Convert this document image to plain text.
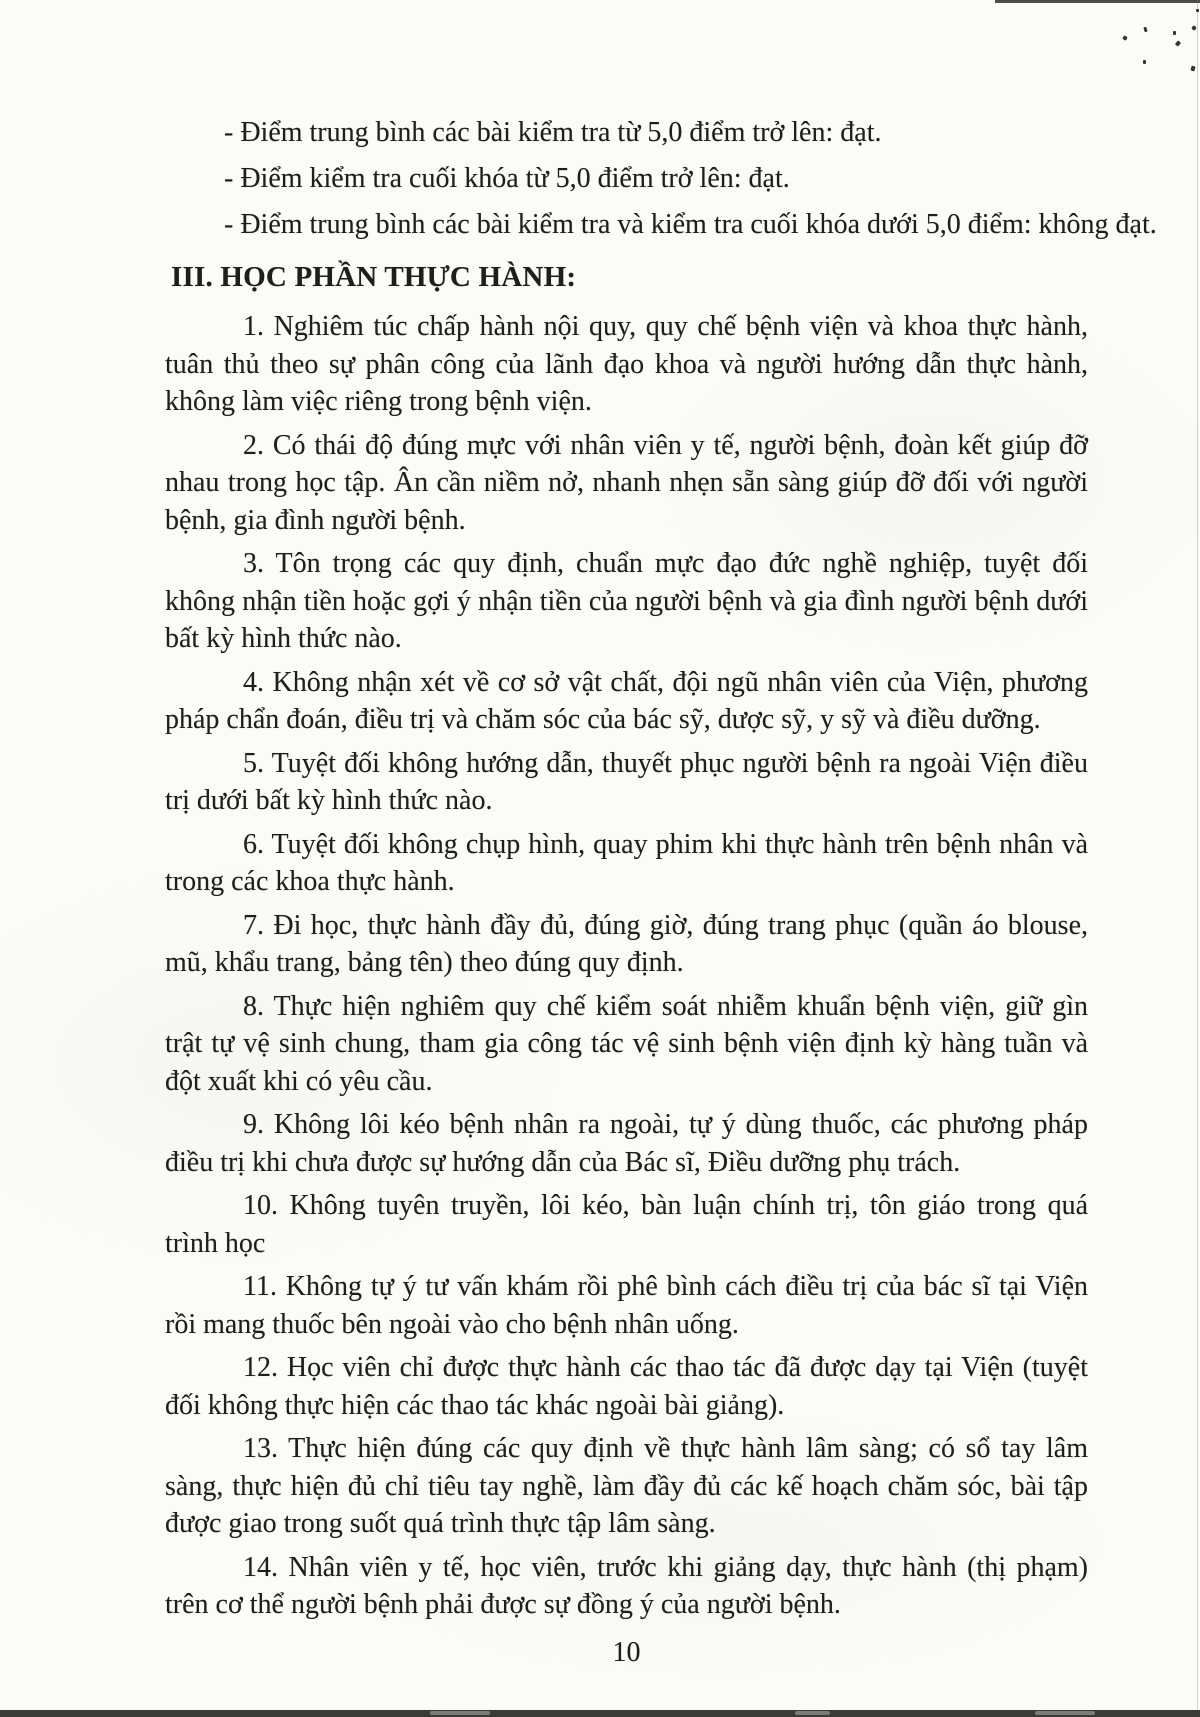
- Điểm trung bình các bài kiểm tra từ 5,0 điểm trở lên: đạt.

- Điểm kiểm tra cuối khóa từ 5,0 điểm trở lên: đạt.

- Điểm trung bình các bài kiểm tra và kiểm tra cuối khóa dưới 5,0 điểm: không đạt.

III. HỌC PHẦN THỰC HÀNH:

1. Nghiêm túc chấp hành nội quy, quy chế bệnh viện và khoa thực hành, tuân thủ theo sự phân công của lãnh đạo khoa và người hướng dẫn thực hành, không làm việc riêng trong bệnh viện.

2. Có thái độ đúng mực với nhân viên y tế, người bệnh, đoàn kết giúp đỡ nhau trong học tập. Ân cần niềm nở, nhanh nhẹn sẵn sàng giúp đỡ đối với người bệnh, gia đình người bệnh.

3. Tôn trọng các quy định, chuẩn mực đạo đức nghề nghiệp, tuyệt đối không nhận tiền hoặc gợi ý nhận tiền của người bệnh và gia đình người bệnh dưới bất kỳ hình thức nào.

4. Không nhận xét về cơ sở vật chất, đội ngũ nhân viên của Viện, phương pháp chẩn đoán, điều trị và chăm sóc của bác sỹ, dược sỹ, y sỹ và điều dưỡng.

5. Tuyệt đối không hướng dẫn, thuyết phục người bệnh ra ngoài Viện điều trị dưới bất kỳ hình thức nào.

6. Tuyệt đối không chụp hình, quay phim khi thực hành trên bệnh nhân và trong các khoa thực hành.

7. Đi học, thực hành đầy đủ, đúng giờ, đúng trang phục (quần áo blouse, mũ, khẩu trang, bảng tên) theo đúng quy định.

8. Thực hiện nghiêm quy chế kiểm soát nhiễm khuẩn bệnh viện, giữ gìn trật tự vệ sinh chung, tham gia công tác vệ sinh bệnh viện định kỳ hàng tuần và đột xuất khi có yêu cầu.

9. Không lôi kéo bệnh nhân ra ngoài, tự ý dùng thuốc, các phương pháp điều trị khi chưa được sự hướng dẫn của Bác sĩ, Điều dưỡng phụ trách.

10. Không tuyên truyền, lôi kéo, bàn luận chính trị, tôn giáo trong quá trình học

11. Không tự ý tư vấn khám rồi phê bình cách điều trị của bác sĩ tại Viện rồi mang thuốc bên ngoài vào cho bệnh nhân uống.

12. Học viên chỉ được thực hành các thao tác đã được dạy tại Viện (tuyệt đối không thực hiện các thao tác khác ngoài bài giảng).

13. Thực hiện đúng các quy định về thực hành lâm sàng; có sổ tay lâm sàng, thực hiện đủ chỉ tiêu tay nghề, làm đầy đủ các kế hoạch chăm sóc, bài tập được giao trong suốt quá trình thực tập lâm sàng.

14. Nhân viên y tế, học viên, trước khi giảng dạy, thực hành (thị phạm) trên cơ thể người bệnh phải được sự đồng ý của người bệnh.

10
